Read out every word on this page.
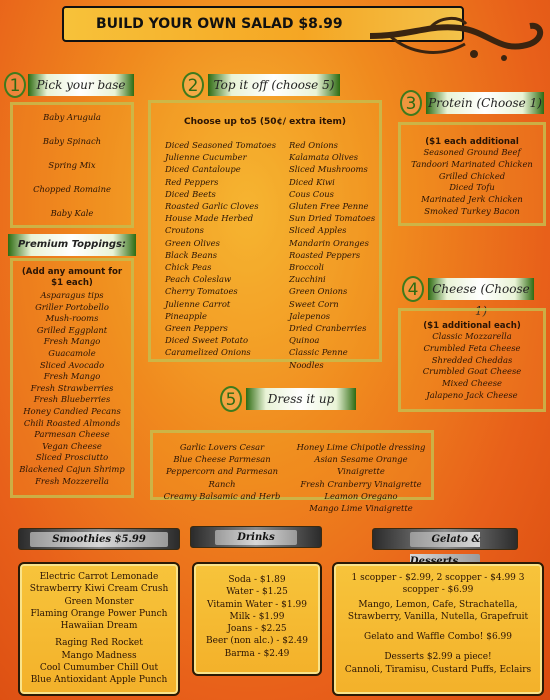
BUILD YOUR OWN SALAD $8.99
1	Pick your base
Baby Arugula
Baby Spinach
Spring Mix
Chopped Romaine
Baby Kale
Premium Toppings:
(Add any amount for $1 each)
Asparagus tips
Griller Portobello Mush-rooms
Grilled Eggplant
Fresh Mango
Guacamole
Sliced Avocado
Fresh Mango
Fresh Strawberries
Fresh Blueberries
Honey Candied Pecans
Chili Roasted Almonds
Parmesan Cheese
Vegan Cheese
Sliced Prosciutto
Blackened Cajun Shrimp
Fresh Mozzerella
2	Top it off (choose 5)
Choose up to5 (50¢/ extra item)
Diced Seasoned Tomatoes
Julienne Cucumber
Diced Cantaloupe
Red Peppers
Diced Beets
Roasted Garlic Cloves
House Made Herbed Croutons
Green Olives
Black Beans
Chick Peas
Peach Coleslaw
Cherry Tomatoes
Julienne Carrot
Pineapple
Green Peppers
Diced Sweet Potato
Caramelized Onions
Red Onions
Kalamata Olives
Sliced Mushrooms
Diced Kiwi
Cous Cous
Gluten Free Penne
Sun Dried Tomatoes
Sliced Apples
Mandarin Oranges
Roasted Peppers
Broccoli
Zucchini
Green Onions
Sweet Corn
Jalepenos
Dried Cranberries
Quinoa
Classic Penne Noodles
3 Protein (Choose 1)
($1 each additional
Seasoned Ground Beef
Tandoori Marinated Chicken
Grilled Chicked
Diced Tofu
Marinated Jerk Chicken
Smoked Turkey Bacon
4	Cheese (Choose 1)
($1 additional each)
Classic Mozzarella
Crumbled Feta Cheese
Shredded Cheddas
Crumbled Goat Cheese
Mixed Cheese
Jalapeno Jack Cheese
5	Dress it up
Garlic Lovers Cesar
Blue Cheese Parmesan
Peppercorn and Parmesan Ranch
Creamy Balsamic and Herb
Honey Lime Chipotle dressing
Asian Sesame Orange Vinaigrette
Fresh Cranberry Vinaigrette
Leamon Oregano
Mango Lime Vinaigrette
Smoothies $5.99	Drinks	Gelato &
Electric Carrot Lemonade
Strawberry Kiwi Cream Crush
Green Monster
Flaming Orange Power Punch
Hawaiian Dream
Raging Red Rocket
Mango Madness
Cool Cumumber Chill Out
Blue Antioxidant Apple Punch
Soda - $1.89
Water - $1.25
Vitamin Water - $1.99
Milk - $1.99
Joans - $2.25
Beer (non alc.) - $2.49
Barma - $2.49
1 scopper - $2.99, 2 scopper - $4.99 3 scopper - $6.99
Mango, Lemon, Cafe, Strachatella, Strawberry, Vanilla, Nutella, Grapefruit
Gelato and Waffle Combo! $6.99
Desserts $2.99 a piece!
Cannoli, Tiramisu, Custard Puffs, Eclairs
